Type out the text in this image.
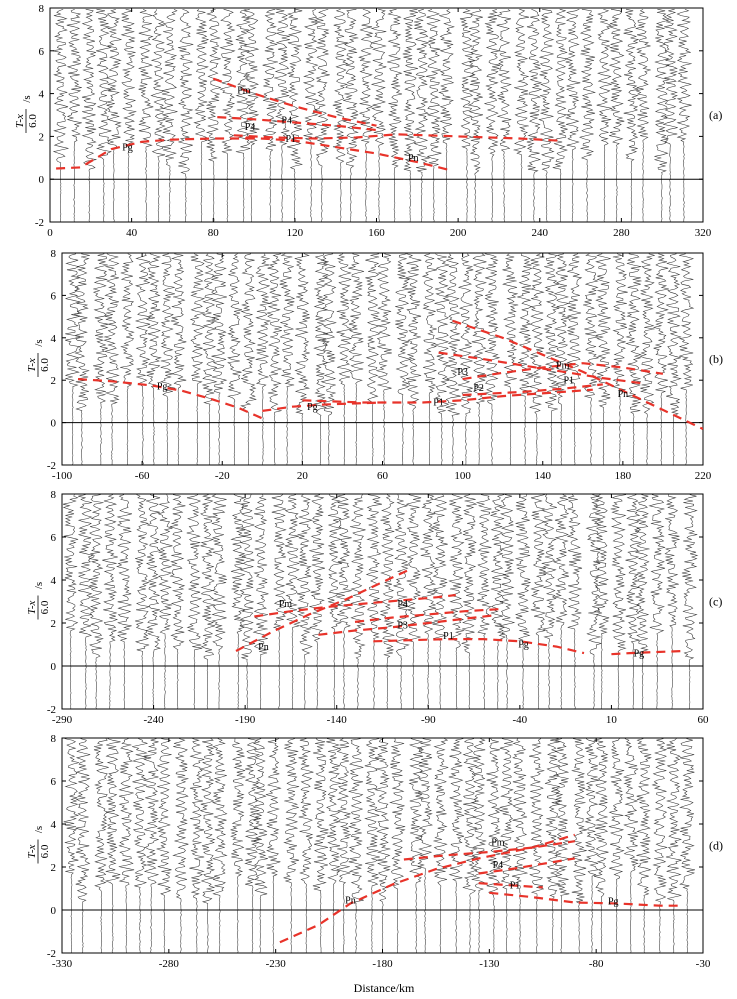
0	40	80	120	160	200	240	280	320
-2
0
2
4
6
8
T-x 6.0
/s
(a)
Pg
Pm
P4
P4
P1
Pn
-100	-60	-20	20	60	100	140	180	220
-2
0
2
4
6
8
T-x 6.0
/s
(b)
Pg
Pg	P1
P3
P2
Pm
P1
Pn
-290	-240	-190	-140	-90	-40	10	60
-2
0
2
4
6
8
T-x 6.0
/s
(c)
Pm	P4
P3
Pn
P1
Pg
Pg
-330	-280	-230	-180	-130	-80	-30
-2
0
2
4
6
8
T-x 6.0
/s
(d)
Pn
Pm
P4
P1
Pg
Distance/km
